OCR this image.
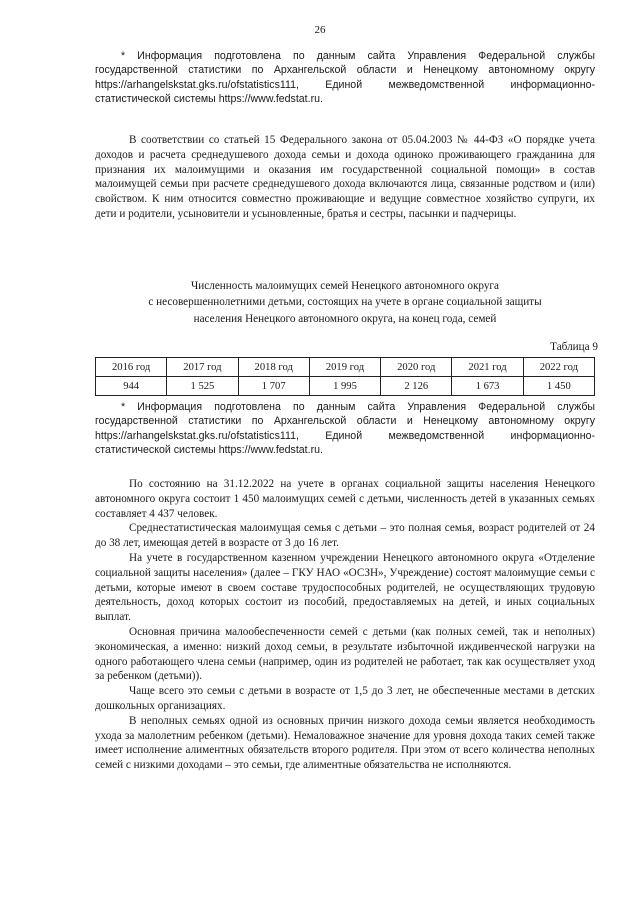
26

* Информация подготовлена по данным сайта Управления Федеральной службы государственной статистики по Архангельской области и Ненецкому автономному округу https://arhangelskstat.gks.ru/ofstatistics111, Единой межведомственной информационно-статистической системы https://www.fedstat.ru.

В соответствии со статьей 15 Федерального закона от 05.04.2003 № 44-ФЗ «О порядке учета доходов и расчета среднедушевого дохода семьи и дохода одиноко проживающего гражданина для признания их малоимущими и оказания им государственной социальной помощи» в состав малоимущей семьи при расчете среднедушевого дохода включаются лица, связанные родством и (или) свойством. К ним относится совместно проживающие и ведущие совместное хозяйство супруги, их дети и родители, усыновители и усыновленные, братья и сестры, пасынки и падчерицы.

Численность малоимущих семей Ненецкого автономного округа
с несовершеннолетними детьми, состоящих на учете в органе социальной защиты
населения Ненецкого автономного округа, на конец года, семей
Таблица 9
2016 год	2017 год	2018 год	2019 год	2020 год	2021 год	2022 год
944	1 525	1 707	1 995	2 126	1 673	1 450

* Информация подготовлена по данным сайта Управления Федеральной службы государственной статистики по Архангельской области и Ненецкому автономному округу https://arhangelskstat.gks.ru/ofstatistics111, Единой межведомственной информационно-статистической системы https://www.fedstat.ru.

По состоянию на 31.12.2022 на учете в органах социальной защиты населения Ненецкого автономного округа состоит 1 450 малоимущих семей с детьми, численность детей в указанных семьях составляет 4 437 человек.

Среднестатистическая малоимущая семья с детьми – это полная семья, возраст родителей от 24 до 38 лет, имеющая детей в возрасте от 3 до 16 лет.

На учете в государственном казенном учреждении Ненецкого автономного округа «Отделение социальной защиты населения» (далее – ГКУ НАО «ОСЗН», Учреждение) состоят малоимущие семьи с детьми, которые имеют в своем составе трудоспособных родителей, не осуществляющих трудовую деятельность, доход которых состоит из пособий, предоставляемых на детей, и иных социальных выплат.

Основная причина малообеспеченности семей с детьми (как полных семей, так и неполных) экономическая, а именно: низкий доход семьи, в результате избыточной иждивенческой нагрузки на одного работающего члена семьи (например, один из родителей не работает, так как осуществляет уход за ребенком (детьми)).

Чаще всего это семьи с детьми в возрасте от 1,5 до 3 лет, не обеспеченные местами в детских дошкольных организациях.

В неполных семьях одной из основных причин низкого дохода семьи является необходимость ухода за малолетним ребенком (детьми). Немаловажное значение для уровня дохода таких семей также имеет исполнение алиментных обязательств второго родителя. При этом от всего количества неполных семей с низкими доходами – это семьи, где алиментные обязательства не исполняются.
